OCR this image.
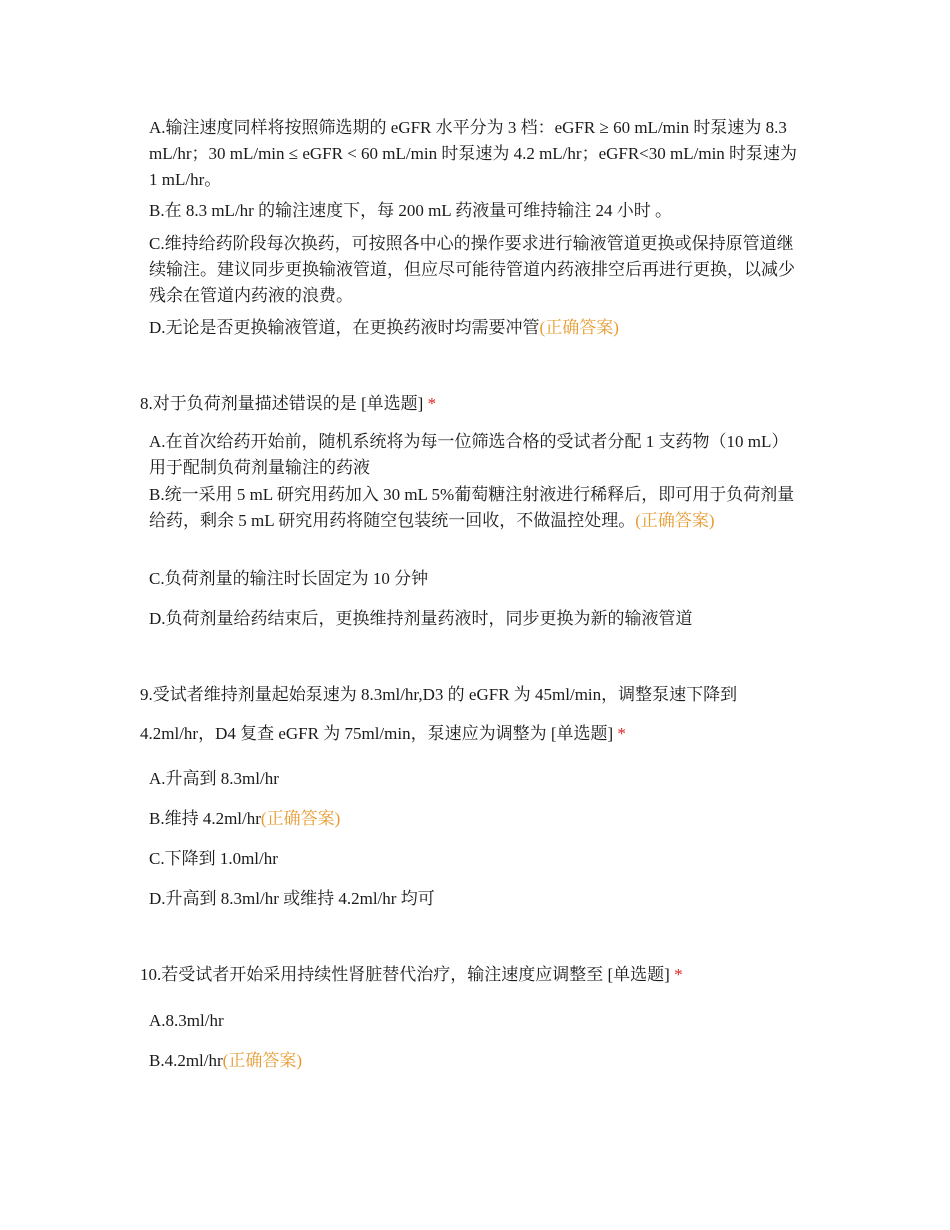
A.输注速度同样将按照筛选期的 eGFR 水平分为 3 档：eGFR ≥ 60 mL/min 时泵速为 8.3 mL/hr；30 mL/min ≤ eGFR < 60 mL/min 时泵速为 4.2 mL/hr；eGFR<30 mL/min 时泵速为 1 mL/hr。
B.在 8.3 mL/hr 的输注速度下，每 200 mL 药液量可维持输注 24 小时 。
C.维持给药阶段每次换药，可按照各中心的操作要求进行输液管道更换或保持原管道继续输注。建议同步更换输液管道，但应尽可能待管道内药液排空后再进行更换，以减少残余在管道内药液的浪费。
D.无论是否更换输液管道，在更换药液时均需要冲管(正确答案)
8.对于负荷剂量描述错误的是 [单选题] *
A.在首次给药开始前，随机系统将为每一位筛选合格的受试者分配 1 支药物（10 mL）用于配制负荷剂量输注的药液
B.统一采用 5 mL 研究用药加入 30 mL 5%葡萄糖注射液进行稀释后，即可用于负荷剂量给药，剩余 5 mL 研究用药将随空包装统一回收，不做温控处理。(正确答案)
C.负荷剂量的输注时长固定为 10 分钟
D.负荷剂量给药结束后，更换维持剂量药液时，同步更换为新的输液管道
9.受试者维持剂量起始泵速为 8.3ml/hr,D3 的 eGFR 为 45ml/min，调整泵速下降到
4.2ml/hr，D4 复查 eGFR 为 75ml/min，泵速应为调整为 [单选题] *
A.升高到 8.3ml/hr
B.维持 4.2ml/hr(正确答案)
C.下降到 1.0ml/hr
D.升高到 8.3ml/hr 或维持 4.2ml/hr 均可
10.若受试者开始采用持续性肾脏替代治疗，输注速度应调整至 [单选题] *
A.8.3ml/hr
B.4.2ml/hr(正确答案)
